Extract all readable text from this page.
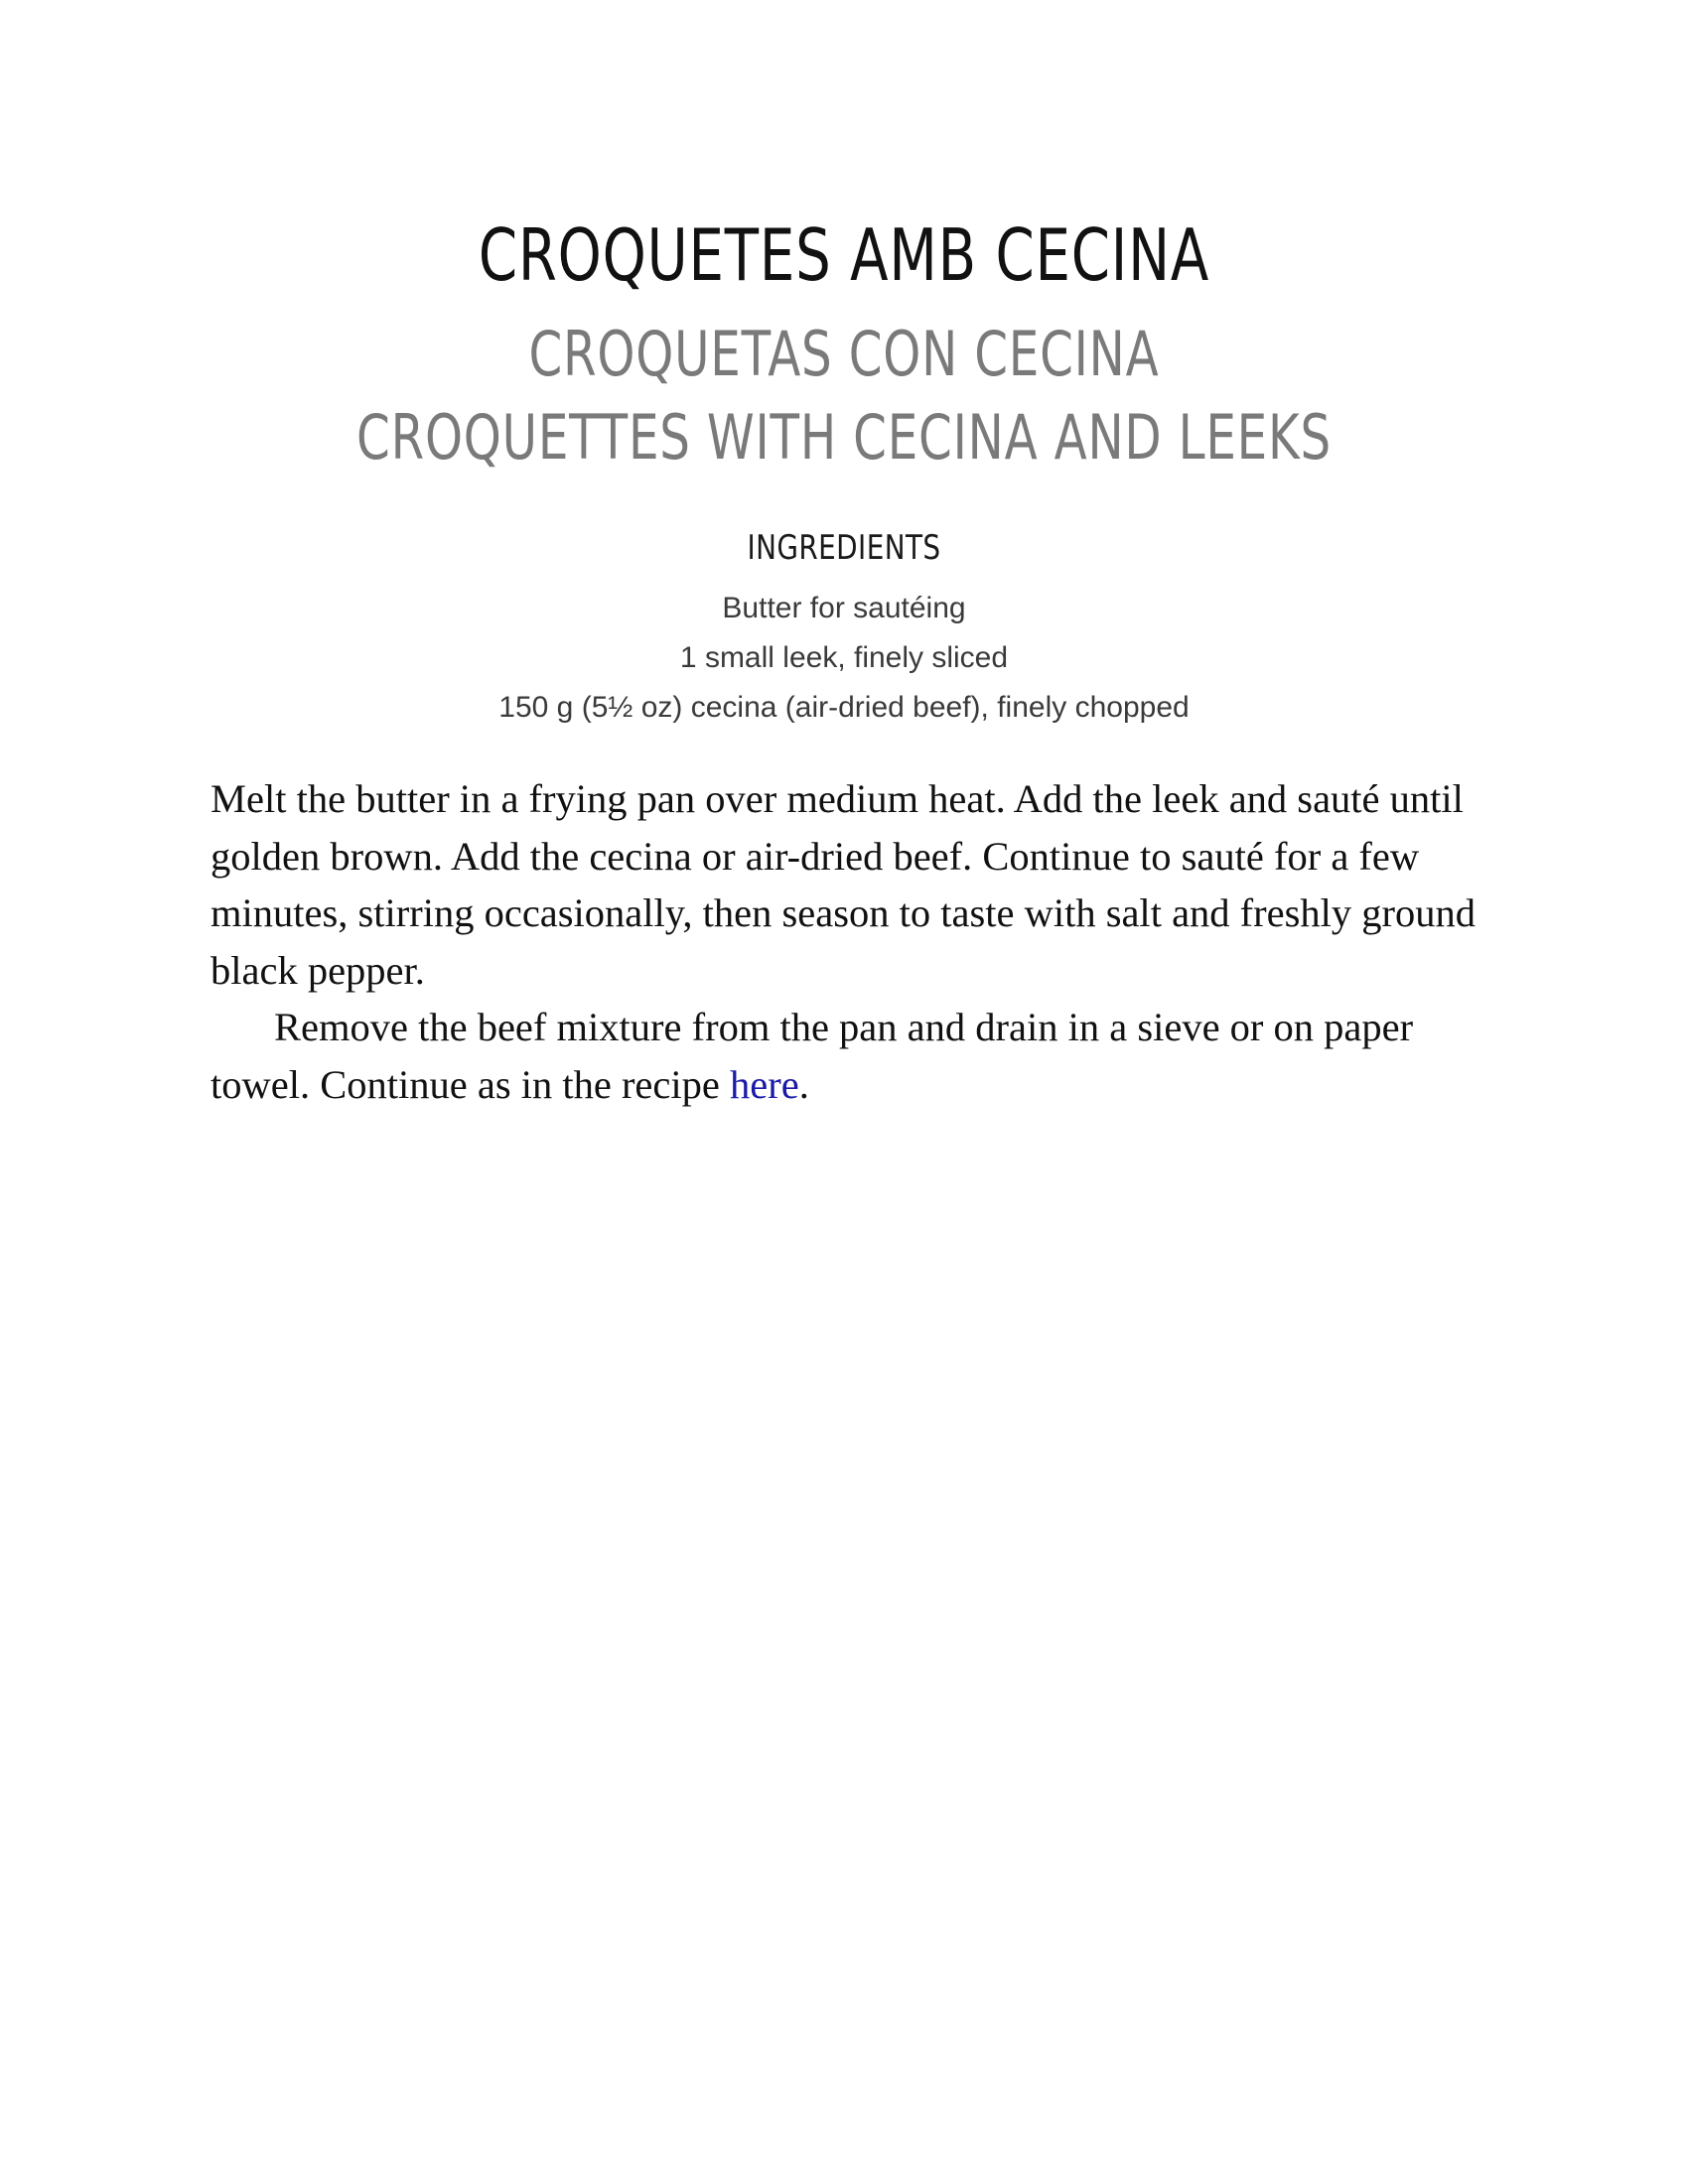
CROQUETES AMB CECINA
CROQUETAS CON CECINA
CROQUETTES WITH CECINA AND LEEKS
INGREDIENTS
Butter for sautéing
1 small leek, finely sliced
150 g (5½ oz) cecina (air-dried beef), finely chopped

Melt the butter in a frying pan over medium heat. Add the leek and sauté until golden brown. Add the cecina or air-dried beef. Continue to sauté for a few minutes, stirring occasionally, then season to taste with salt and freshly ground black pepper.

Remove the beef mixture from the pan and drain in a sieve or on paper towel. Continue as in the recipe here.
